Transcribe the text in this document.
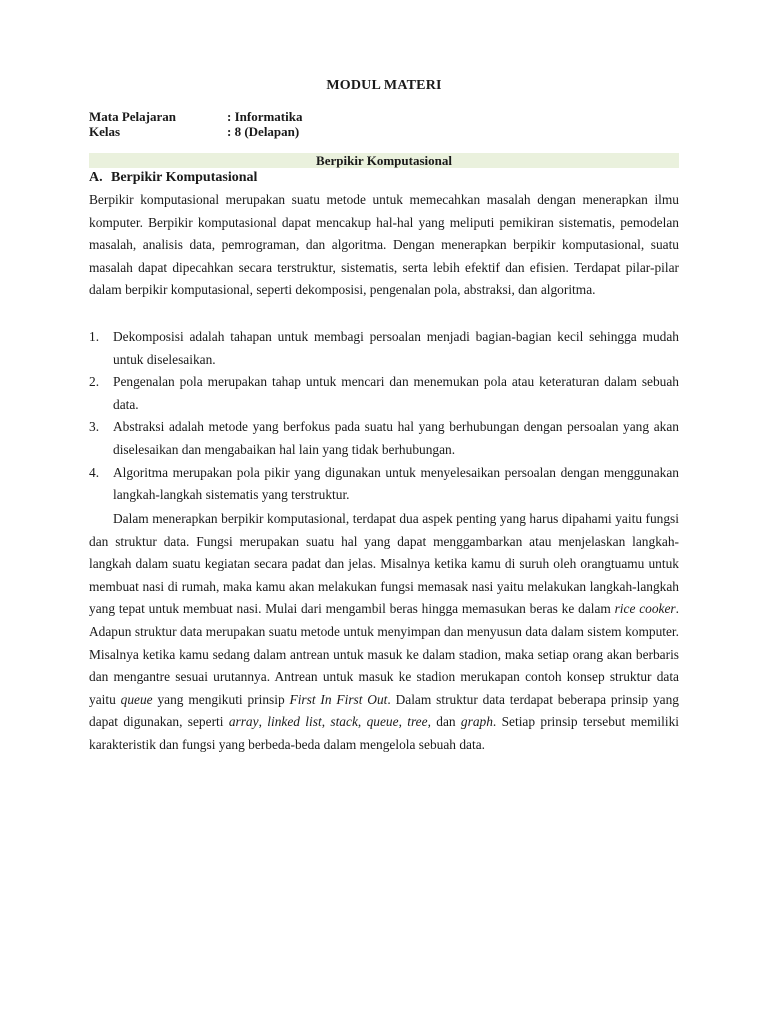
MODUL MATERI
Mata Pelajaran	: Informatika
Kelas	: 8 (Delapan)
Berpikir Komputasional
A. Berpikir Komputasional
Berpikir komputasional merupakan suatu metode untuk memecahkan masalah dengan menerapkan ilmu komputer. Berpikir komputasional dapat mencakup hal-hal yang meliputi pemikiran sistematis, pemodelan masalah, analisis data, pemrograman, dan algoritma. Dengan menerapkan berpikir komputasional, suatu masalah dapat dipecahkan secara terstruktur, sistematis, serta lebih efektif dan efisien. Terdapat pilar-pilar dalam berpikir komputasional, seperti dekomposisi, pengenalan pola, abstraksi, dan algoritma.
1. Dekomposisi adalah tahapan untuk membagi persoalan menjadi bagian-bagian kecil sehingga mudah untuk diselesaikan.
2. Pengenalan pola merupakan tahap untuk mencari dan menemukan pola atau keteraturan dalam sebuah data.
3. Abstraksi adalah metode yang berfokus pada suatu hal yang berhubungan dengan persoalan yang akan diselesaikan dan mengabaikan hal lain yang tidak berhubungan.
4. Algoritma merupakan pola pikir yang digunakan untuk menyelesaikan persoalan dengan menggunakan langkah-langkah sistematis yang terstruktur.
Dalam menerapkan berpikir komputasional, terdapat dua aspek penting yang harus dipahami yaitu fungsi dan struktur data. Fungsi merupakan suatu hal yang dapat menggambarkan atau menjelaskan langkah-langkah dalam suatu kegiatan secara padat dan jelas. Misalnya ketika kamu di suruh oleh orangtuamu untuk membuat nasi di rumah, maka kamu akan melakukan fungsi memasak nasi yaitu melakukan langkah-langkah yang tepat untuk membuat nasi. Mulai dari mengambil beras hingga memasukan beras ke dalam rice cooker. Adapun struktur data merupakan suatu metode untuk menyimpan dan menyusun data dalam sistem komputer. Misalnya ketika kamu sedang dalam antrean untuk masuk ke dalam stadion, maka setiap orang akan berbaris dan mengantre sesuai urutannya. Antrean untuk masuk ke stadion merukapan contoh konsep struktur data yaitu queue yang mengikuti prinsip First In First Out. Dalam struktur data terdapat beberapa prinsip yang dapat digunakan, seperti array, linked list, stack, queue, tree, dan graph. Setiap prinsip tersebut memiliki karakteristik dan fungsi yang berbeda-beda dalam mengelola sebuah data.
